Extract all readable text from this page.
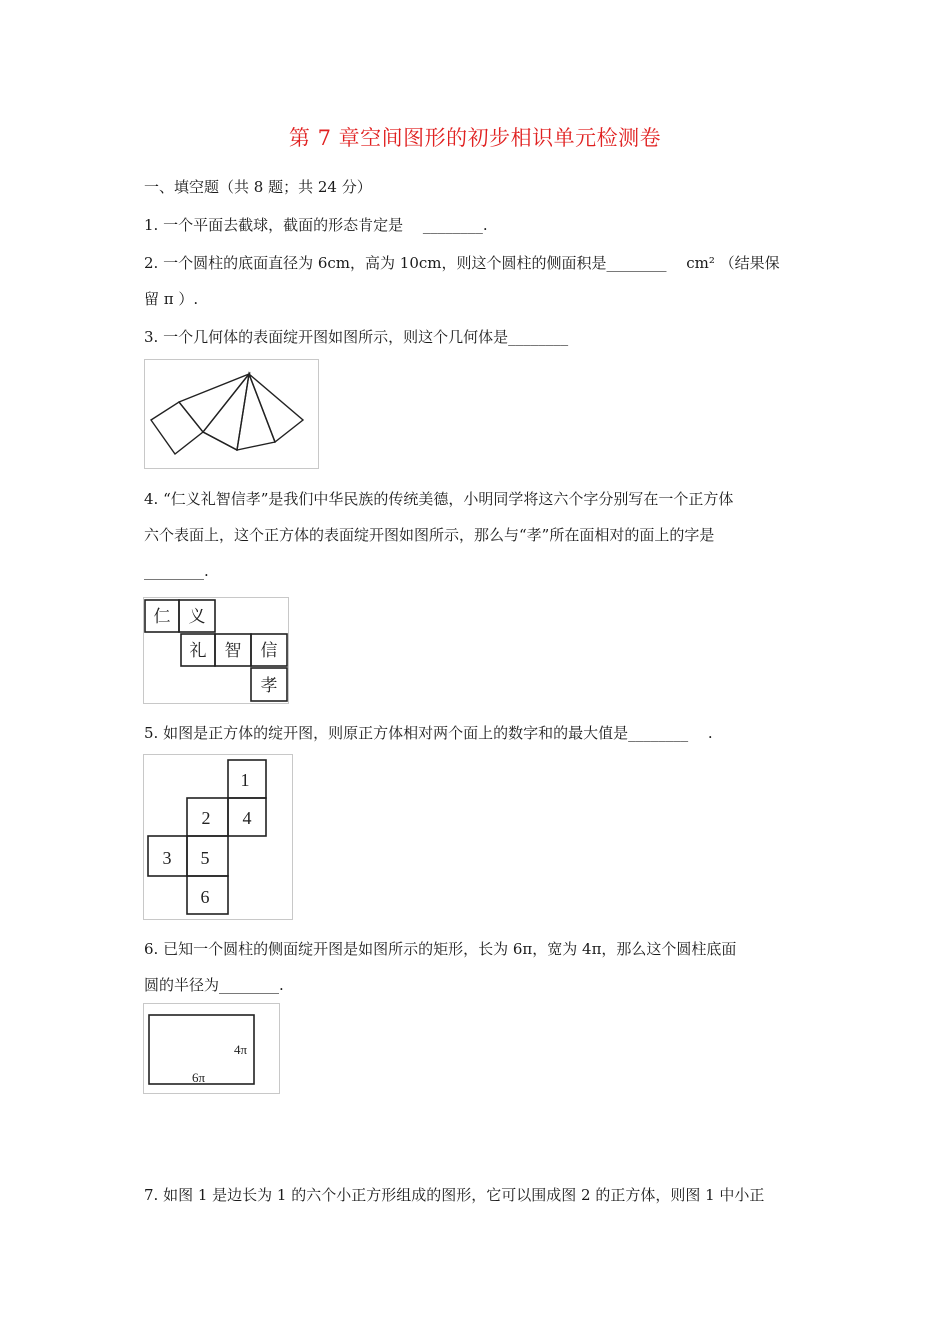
第 7 章空间图形的初步相识单元检测卷
一、填空题（共 8 题；共 24 分）
1. 一个平面去截球，截面的形态肯定是　 ________.
2. 一个圆柱的底面直径为 6cm，高为 10cm，则这个圆柱的侧面积是________　 cm² （结果保
留 π ）.
3. 一个几何体的表面绽开图如图所示，则这个几何体是________
4. “仁义礼智信孝”是我们中华民族的传统美德，小明同学将这六个字分别写在一个正方体
六个表面上，这个正方体的表面绽开图如图所示，那么与“孝”所在面相对的面上的字是
________.
仁 义
礼 智 信
孝
5. 如图是正方体的绽开图，则原正方体相对两个面上的数字和的最大值是________　 .
1
2 4
3 5
6
6. 已知一个圆柱的侧面绽开图是如图所示的矩形，长为 6π，宽为 4π，那么这个圆柱底面
圆的半径为________.
4π
6π
7. 如图 1 是边长为 1 的六个小正方形组成的图形，它可以围成图 2 的正方体，则图 1 中小正
